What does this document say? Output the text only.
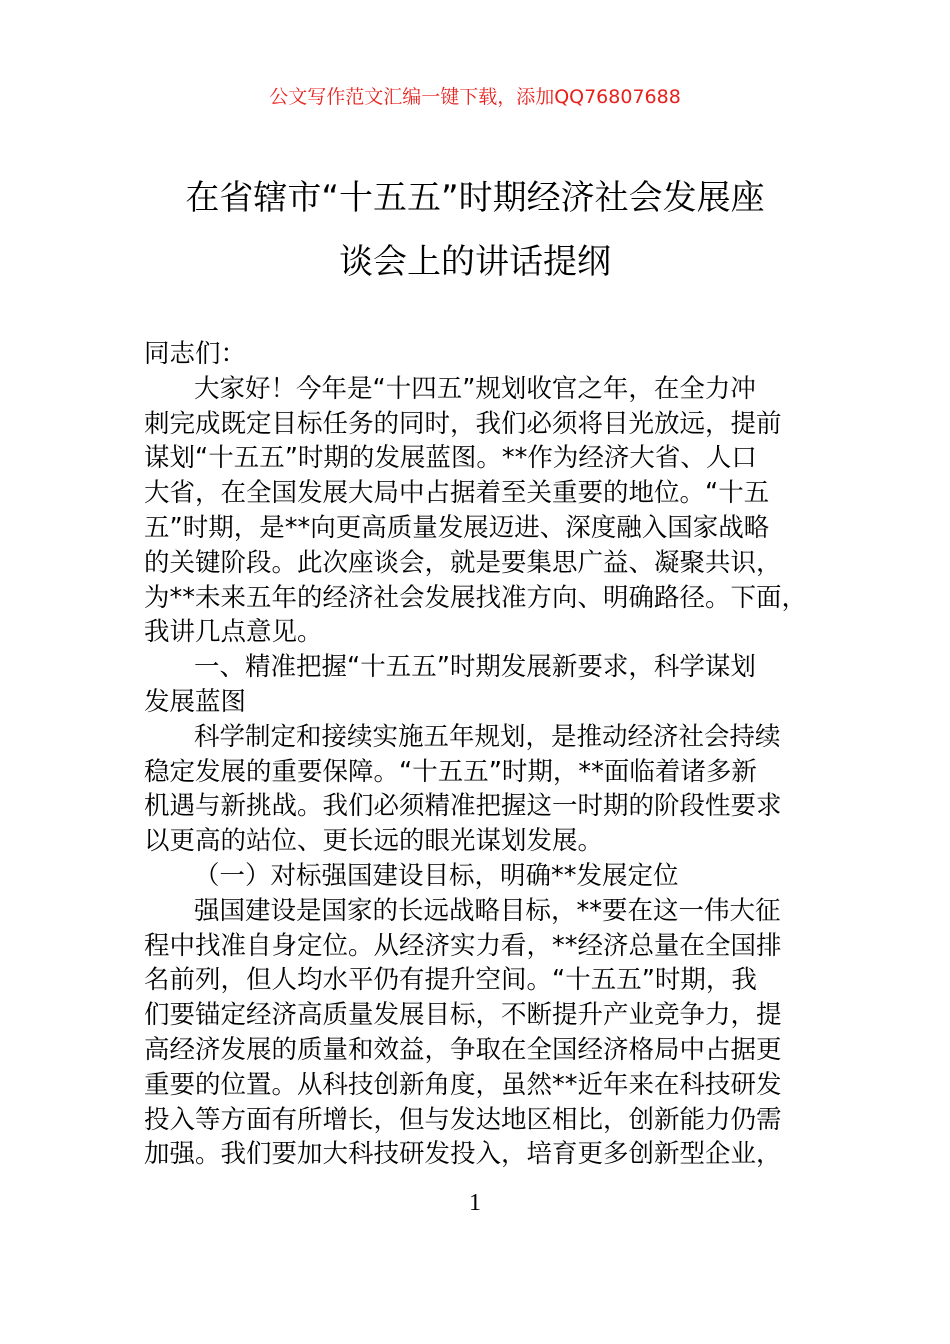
公文写作范文汇编一键下载，添加QQ76807688
在省辖市“十五五”时期经济社会发展座
谈会上的讲话提纲
同志们：
大家好！今年是“十四五”规划收官之年，在全力冲
刺完成既定目标任务的同时，我们必须将目光放远，提前
谋划“十五五”时期的发展蓝图。**作为经济大省、人口
大省，在全国发展大局中占据着至关重要的地位。“十五
五”时期，是**向更高质量发展迈进、深度融入国家战略
的关键阶段。此次座谈会，就是要集思广益、凝聚共识，
为**未来五年的经济社会发展找准方向、明确路径。下面，
我讲几点意见。
一、精准把握“十五五”时期发展新要求，科学谋划
发展蓝图
科学制定和接续实施五年规划，是推动经济社会持续
稳定发展的重要保障。“十五五”时期，**面临着诸多新
机遇与新挑战。我们必须精准把握这一时期的阶段性要求
以更高的站位、更长远的眼光谋划发展。
（一）对标强国建设目标，明确**发展定位
强国建设是国家的长远战略目标，**要在这一伟大征
程中找准自身定位。从经济实力看，**经济总量在全国排
名前列，但人均水平仍有提升空间。“十五五”时期，我
们要锚定经济高质量发展目标，不断提升产业竞争力，提
高经济发展的质量和效益，争取在全国经济格局中占据更
重要的位置。从科技创新角度，虽然**近年来在科技研发
投入等方面有所增长，但与发达地区相比，创新能力仍需
加强。我们要加大科技研发投入，培育更多创新型企业，
1
